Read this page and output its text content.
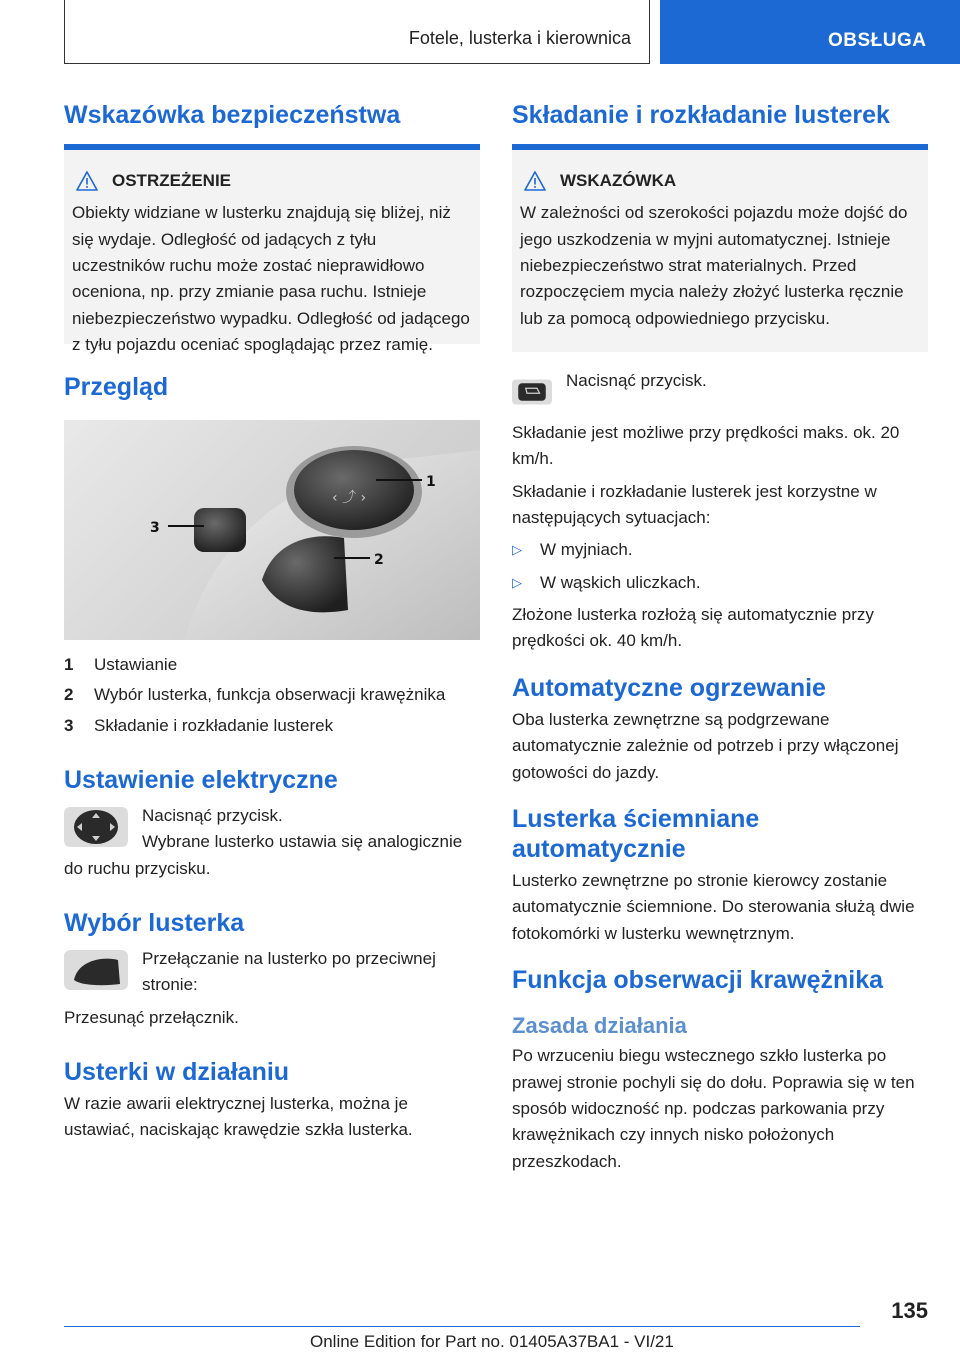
Fotele, lusterka i kierownica	OBSŁUGA
Wskazówka bezpieczeństwa
OSTRZEŻENIE

Obiekty widziane w lusterku znajdują się bliżej, niż się wydaje. Odległość od jadących z tyłu uczestników ruchu może zostać nieprawidłowo oceniona, np. przy zmianie pasa ruchu. Istnieje niebezpieczeństwo wypadku. Odległość od jadącego z tyłu pojazdu oceniać spoglądając przez ramię.

Przegląd
‹ ⤴ ›
1
2
3
1	Ustawianie
2	Wybór lusterka, funkcja obserwacji krawężnika
3	Składanie i rozkładanie lusterek
Ustawienie elektryczne

Nacisnąć przycisk.

Wybrane lusterko ustawia się analogicznie do ruchu przycisku.

Wybór lusterka

Przełączanie na lusterko po przeciwnej stronie:

Przesunąć przełącznik.

Usterki w działaniu

W razie awarii elektrycznej lusterka, można je ustawiać, naciskając krawędzie szkła lusterka.

Składanie i rozkładanie lusterek
WSKAZÓWKA

W zależności od szerokości pojazdu może dojść do jego uszkodzenia w myjni automatycznej. Istnieje niebezpieczeństwo strat materialnych. Przed rozpoczęciem mycia należy złożyć lusterka ręcznie lub za pomocą odpowiedniego przycisku.

Nacisnąć przycisk.

Składanie jest możliwe przy prędkości maks. ok. 20 km/h.

Składanie i rozkładanie lusterek jest korzystne w następujących sytuacjach:

▷	W myjniach.
▷	W wąskich uliczkach.

Złożone lusterka rozłożą się automatycznie przy prędkości ok. 40 km/h.

Automatyczne ogrzewanie

Oba lusterka zewnętrzne są podgrzewane automatycznie zależnie od potrzeb i przy włączonej gotowości do jazdy.

Lusterka ściemniane automatycznie

Lusterko zewnętrzne po stronie kierowcy zostanie automatycznie ściemnione. Do sterowania służą dwie fotokomórki w lusterku wewnętrznym.

Funkcja obserwacji krawężnika
Zasada działania

Po wrzuceniu biegu wstecznego szkło lusterka po prawej stronie pochyli się do dołu. Poprawia się w ten sposób widoczność np. podczas parkowania przy krawężnikach czy innych nisko położonych przeszkodach.

135
Online Edition for Part no. 01405A37BA1 - VI/21
